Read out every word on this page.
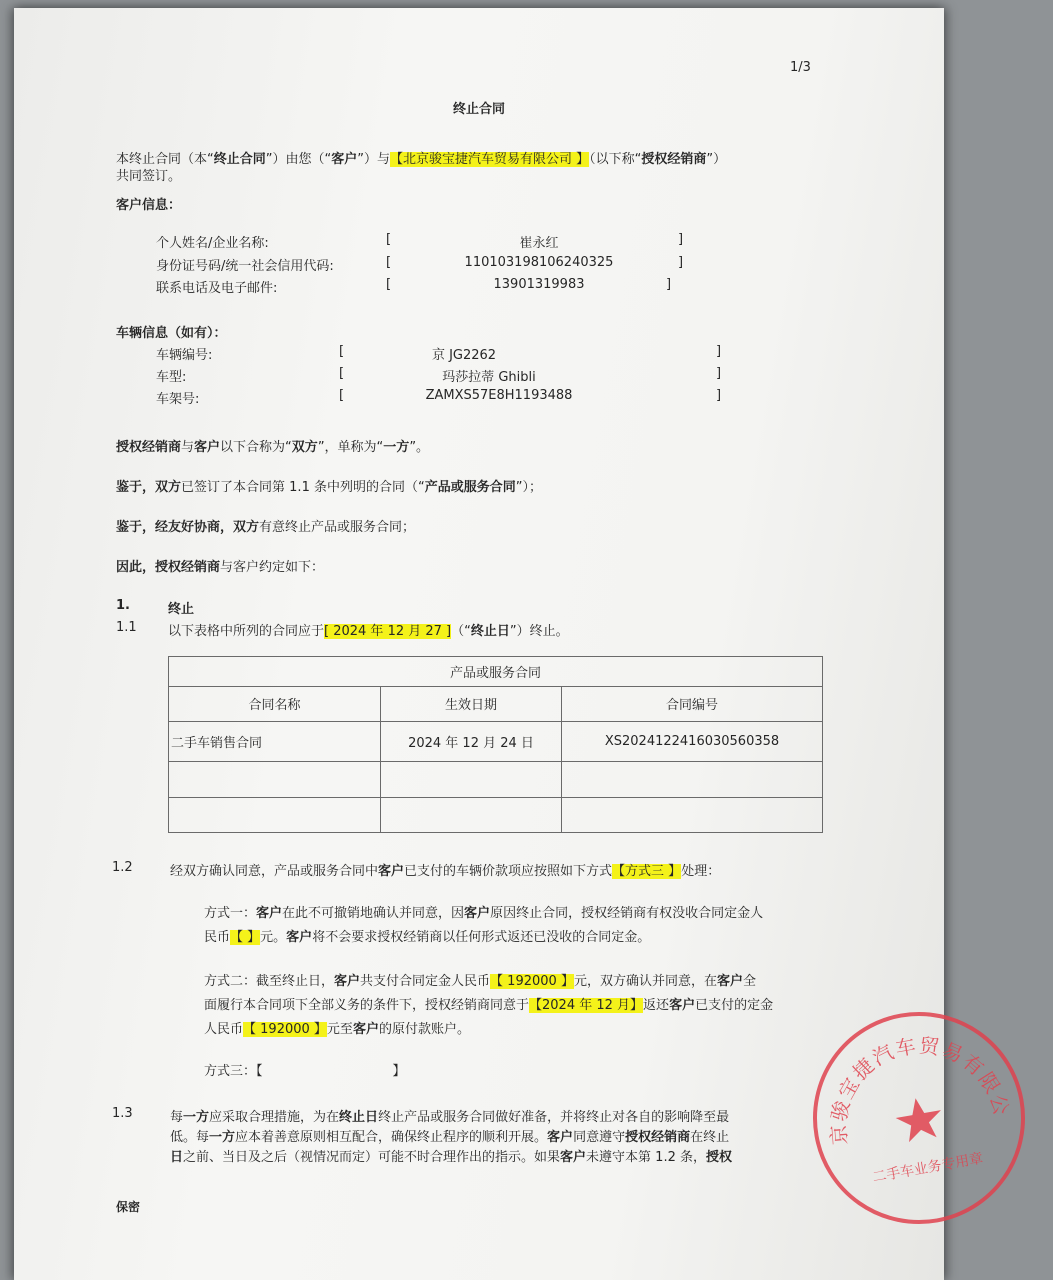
1/3
终止合同
本终止合同（本“终止合同”）由您（“客户”）与【北京骏宝捷汽车贸易有限公司 】（以下称“授权经销商”）
共同签订。
客户信息：
个人姓名/企业名称:	[	崔永红	]
身份证号码/统一社会信用代码:	[	110103198106240325	]
联系电话及电子邮件:	[	13901319983	]
车辆信息（如有）：
车辆编号:	[	京 JG2262	]
车型:	[	玛莎拉蒂 Ghibli	]
车架号:	[	ZAMXS57E8H1193488	]
授权经销商与客户以下合称为“双方”，单称为“一方”。
鉴于，双方已签订了本合同第 1.1 条中列明的合同（“产品或服务合同”）；
鉴于，经友好协商，双方有意终止产品或服务合同；
因此，授权经销商与客户约定如下：
1.	终止
1.1 以下表格中所列的合同应于[ 2024 年 12 月 27 ]（“终止日”）终止。
产品或服务合同		
合同名称	生效日期	合同编号
二手车销售合同	2024 年 12 月 24 日	XS20241224160305603​58

1.2	经双方确认同意，产品或服务合同中客户已支付的车辆价款项应按照如下方式【方式三 】处理：
方式一：客户在此不可撤销地确认并同意，因客户原因终止合同，授权经销商有权没收合同定金人
民币【 】元。客户将不会要求授权经销商以任何形式返还已没收的合同定金。
方式二：截至终止日，客户共支付合同定金人民币【 192000 】元，双方确认并同意，在客户全
面履行本合同项下全部义务的条件下，授权经销商同意于【2024 年 12 月】返还客户已支付的定金
人民币【 192000 】元至客户的原付款账户。
方式三：【	】
1.3	每一方应采取合理措施，为在终止日终止产品或服务合同做好准备，并将终止对各自的影响降至最
低。每一方应本着善意原则相互配合，确保终止程序的顺利开展。客户同意遵守授权经销商在终止
日之前、当日及之后（视情况而定）可能不时合理作出的指示。如果客户未遵守本第 1.2 条，授权
保密
北京骏宝捷汽车贸易有限公司
二手车业务专用章
